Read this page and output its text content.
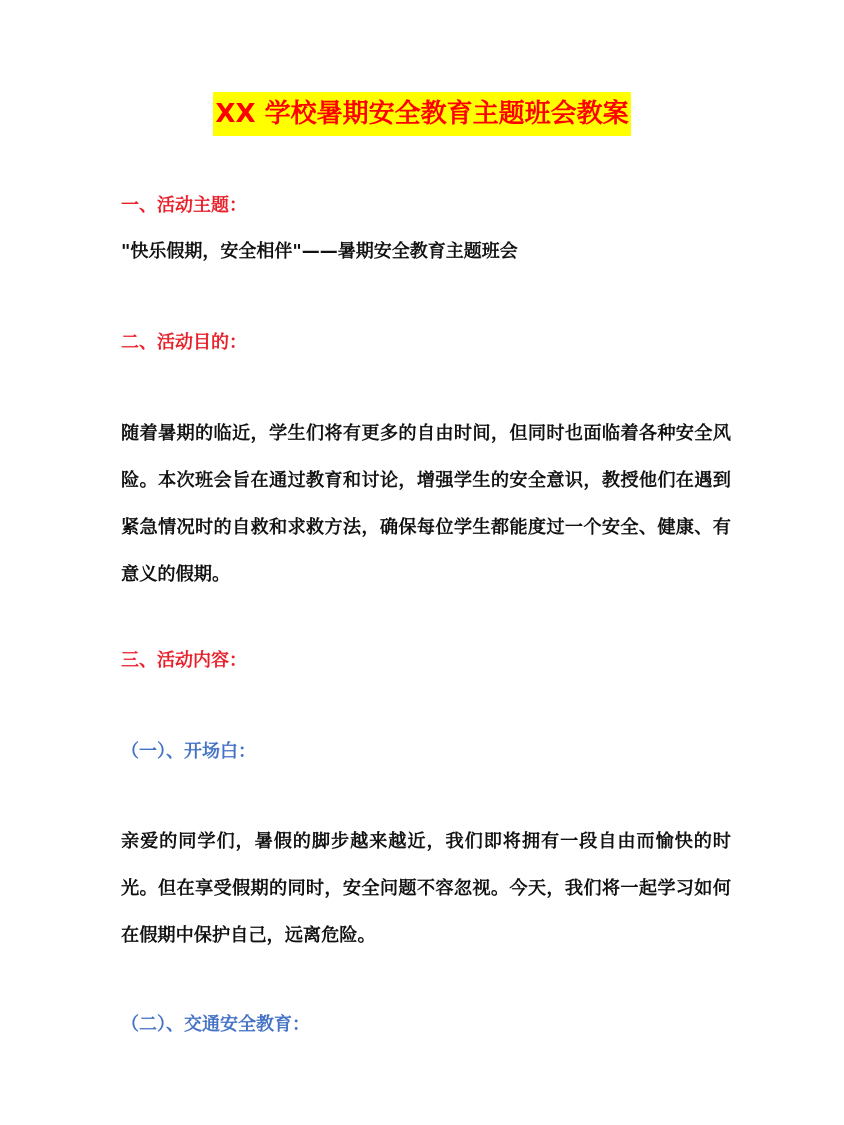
XX 学校暑期安全教育主题班会教案
一、活动主题：
"快乐假期，安全相伴"——暑期安全教育主题班会
二、活动目的：
随着暑期的临近，学生们将有更多的自由时间，但同时也面临着各种安全风险。本次班会旨在通过教育和讨论，增强学生的安全意识，教授他们在遇到紧急情况时的自救和求救方法，确保每位学生都能度过一个安全、健康、有意义的假期。
三、活动内容：
（一）、开场白：
亲爱的同学们，暑假的脚步越来越近，我们即将拥有一段自由而愉快的时光。但在享受假期的同时，安全问题不容忽视。今天，我们将一起学习如何在假期中保护自己，远离危险。
（二）、交通安全教育：
